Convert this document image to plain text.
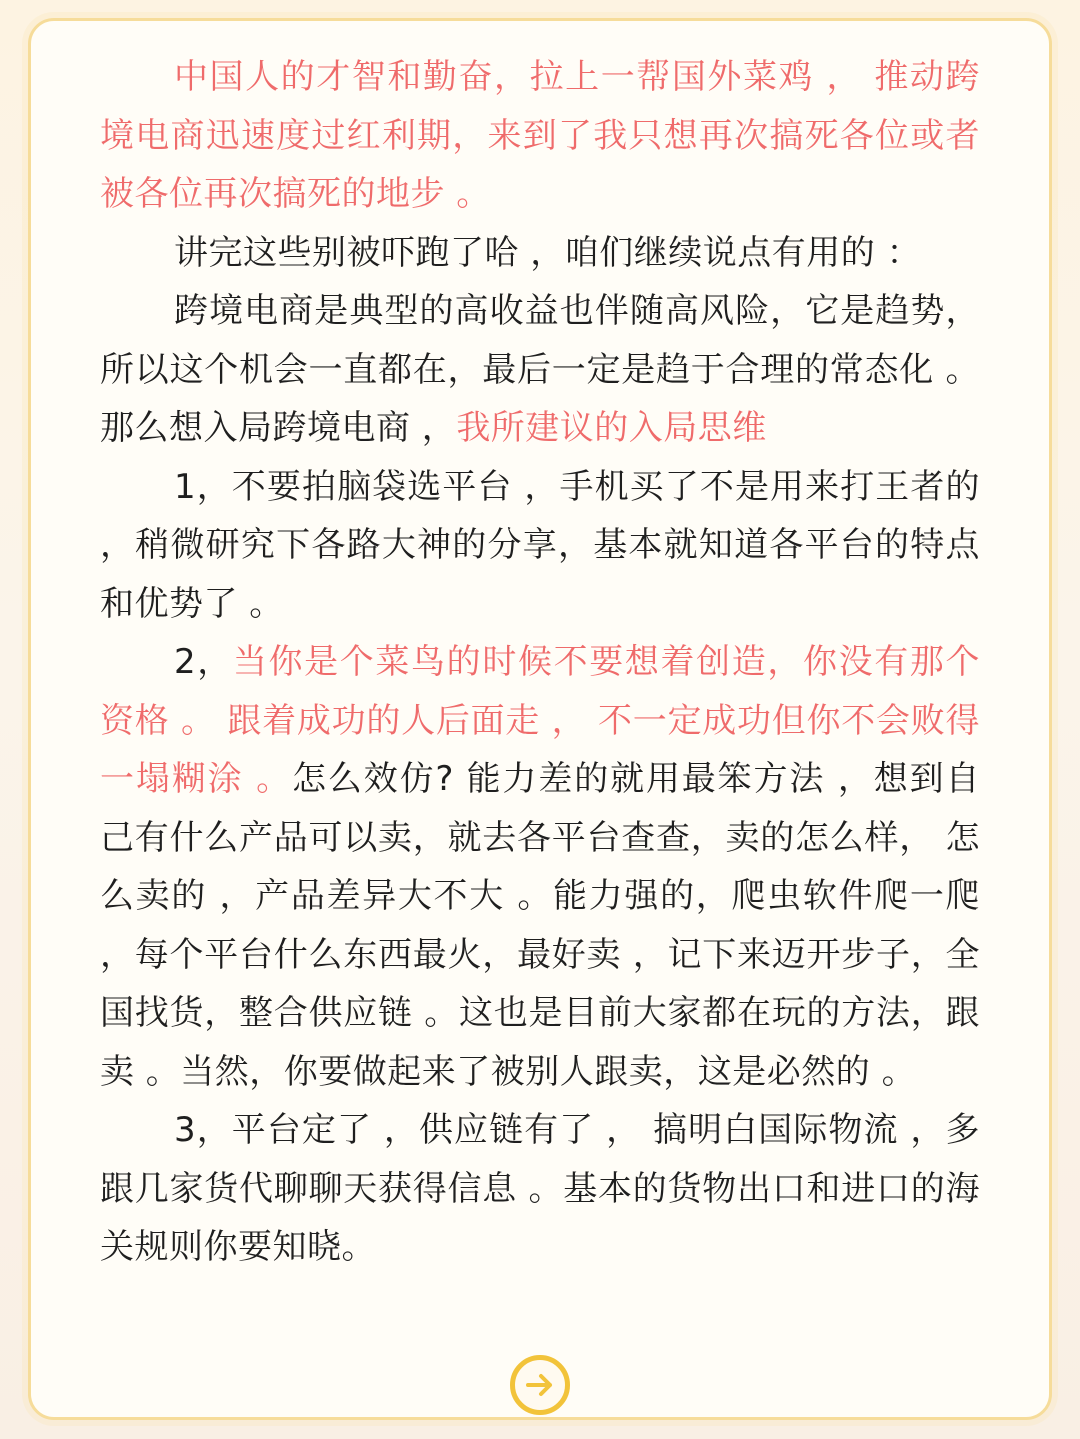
中国人的才智和勤奋，拉上一帮国外菜鸡 ， 推动跨境电商迅速度过红利期，来到了我只想再次搞死各位或者被各位再次搞死的地步 。

讲完这些别被吓跑了哈 ，咱们继续说点有用的 ：

跨境电商是典型的高收益也伴随高风险，它是趋势， 所以这个机会一直都在，最后一定是趋于合理的常态化 。那么想入局跨境电商 ，我所建议的入局思维

1，不要拍脑袋选平台 ，手机买了不是用来打王者的 ，稍微研究下各路大神的分享，基本就知道各平台的特点和优势了 。

2，当你是个菜鸟的时候不要想着创造，你没有那个资格 。 跟着成功的人后面走 ， 不一定成功但你不会败得一塌糊涂 。怎么效仿? 能力差的就用最笨方法 ，想到自己有什么产品可以卖，就去各平台查查，卖的怎么样， 怎么卖的 ，产品差异大不大 。能力强的，爬虫软件爬一爬 ，每个平台什么东西最火，最好卖 ，记下来迈开步子，全国找货，整合供应链 。这也是目前大家都在玩的方法，跟卖 。当然，你要做起来了被别人跟卖，这是必然的 。

3，平台定了 ，供应链有了 ， 搞明白国际物流 ，多跟几家货代聊聊天获得信息 。基本的货物出口和进口的海关规则你要知晓。
